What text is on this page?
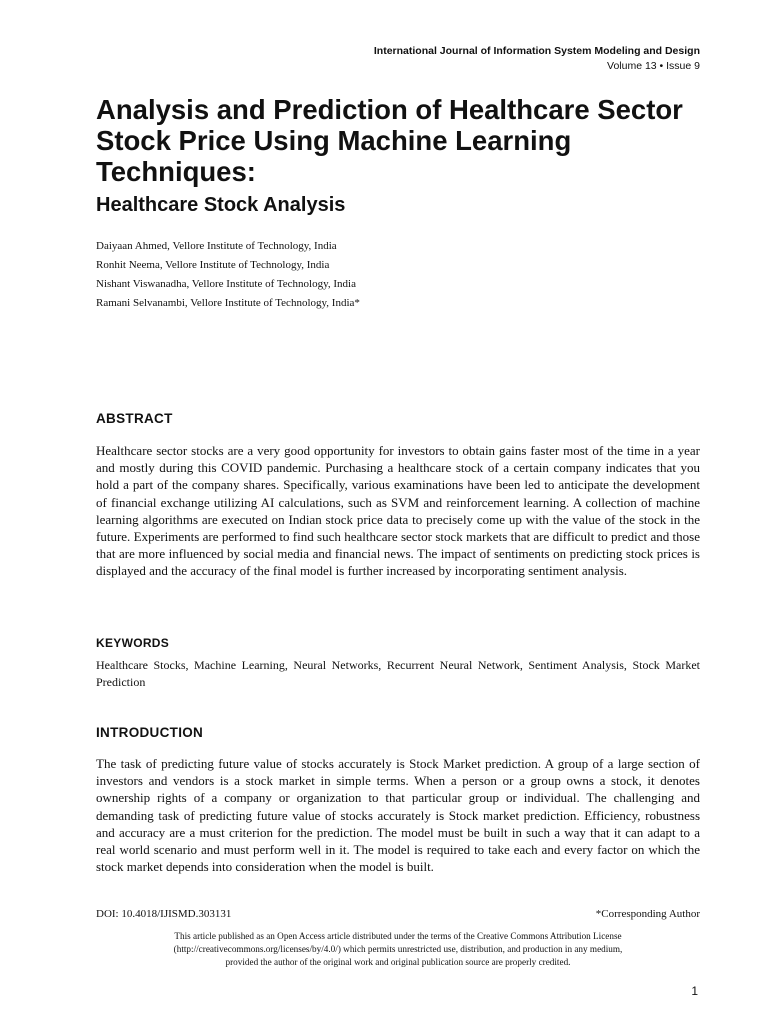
International Journal of Information System Modeling and Design
Volume 13 • Issue 9
Analysis and Prediction of Healthcare Sector Stock Price Using Machine Learning Techniques:
Healthcare Stock Analysis
Daiyaan Ahmed, Vellore Institute of Technology, India
Ronhit Neema, Vellore Institute of Technology, India
Nishant Viswanadha, Vellore Institute of Technology, India
Ramani Selvanambi, Vellore Institute of Technology, India*
ABSTRACT

Healthcare sector stocks are a very good opportunity for investors to obtain gains faster most of the time in a year and mostly during this COVID pandemic. Purchasing a healthcare stock of a certain company indicates that you hold a part of the company shares. Specifically, various examinations have been led to anticipate the development of financial exchange utilizing AI calculations, such as SVM and reinforcement learning. A collection of machine learning algorithms are executed on Indian stock price data to precisely come up with the value of the stock in the future. Experiments are performed to find such healthcare sector stock markets that are difficult to predict and those that are more influenced by social media and financial news. The impact of sentiments on predicting stock prices is displayed and the accuracy of the final model is further increased by incorporating sentiment analysis.

KEYWORDS

Healthcare Stocks, Machine Learning, Neural Networks, Recurrent Neural Network, Sentiment Analysis, Stock Market Prediction

INTRODUCTION

The task of predicting future value of stocks accurately is Stock Market prediction. A group of a large section of investors and vendors is a stock market in simple terms. When a person or a group owns a stock, it denotes ownership rights of a company or organization to that particular group or individual. The challenging and demanding task of predicting future value of stocks accurately is Stock market prediction. Efficiency, robustness and accuracy are a must criterion for the prediction. The model must be built in such a way that it can adapt to a real world scenario and must perform well in it. The model is required to take each and every factor on which the stock market depends into consideration when the model is built.

DOI: 10.4018/IJISMD.303131	*Corresponding Author
This article published as an Open Access article distributed under the terms of the Creative Commons Attribution License
(http://creativecommons.org/licenses/by/4.0/) which permits unrestricted use, distribution, and production in any medium,
provided the author of the original work and original publication source are properly credited.
1
